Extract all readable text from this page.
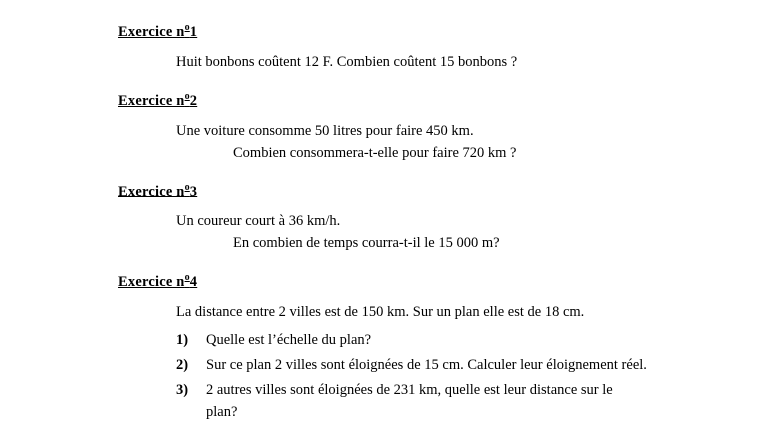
Exercice $n^o1$
Huit bonbons coûtent 12 F. Combien coûtent 15 bonbons ?
Exercice $n^o2$
Une voiture consomme 50 litres pour faire 450 km.
Combien consommera-t-elle pour faire 720 km ?
Exercice $n^o3$
Un coureur court à 36 km/h.
En combien de temps courra-t-il le 15 000 m?
Exercice $n^o4$
La distance entre 2 villes est de 150 km. Sur un plan elle est de 18 cm.
1)	Quelle est l’échelle du plan?
2)	Sur ce plan 2 villes sont éloignées de 15 cm. Calculer leur éloignement réel.
3)	2 autres villes sont éloignées de 231 km, quelle est leur distance sur le
plan?
